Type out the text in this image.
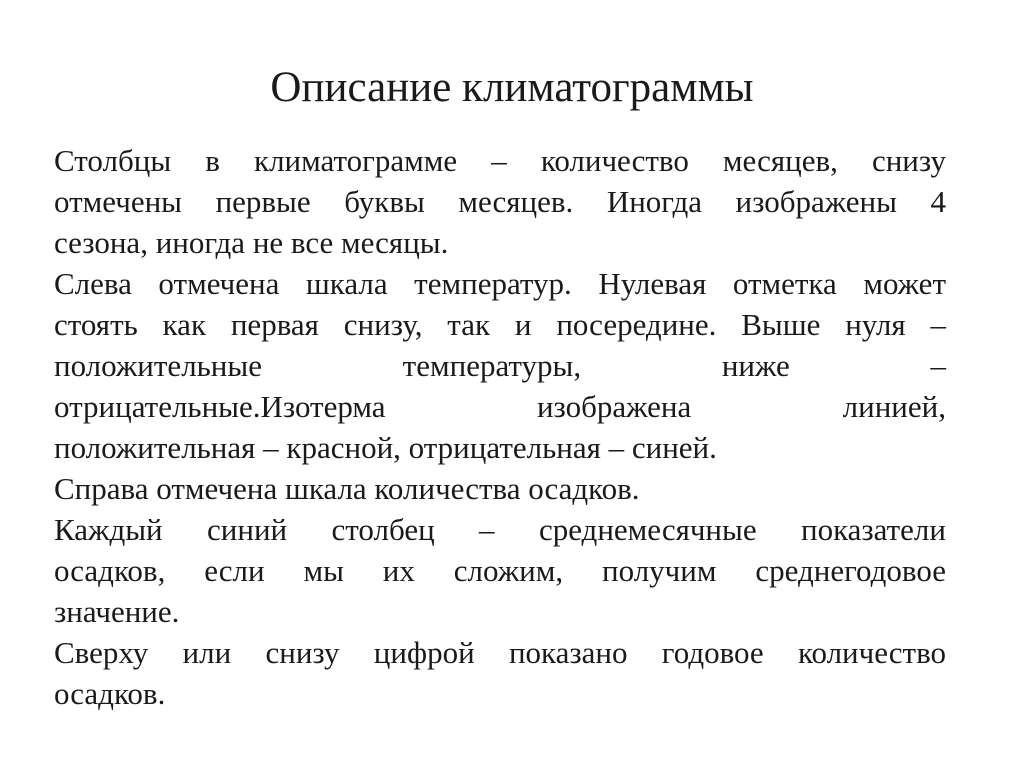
Описание климатограммы

Столбцы в климатограмме – количество месяцев, снизу
отмечены первые буквы месяцев. Иногда изображены 4
сезона, иногда не все месяцы.

Слева отмечена шкала температур. Нулевая отметка может
стоять как первая снизу, так и посередине. Выше нуля –
положительные температуры, ниже –
отрицательные.Изотерма изображена линией,
положительная – красной, отрицательная – синей.

Справа отмечена шкала количества осадков.

Каждый синий столбец – среднемесячные показатели
осадков, если мы их сложим, получим среднегодовое
значение.

Сверху или снизу цифрой показано годовое количество
осадков.
